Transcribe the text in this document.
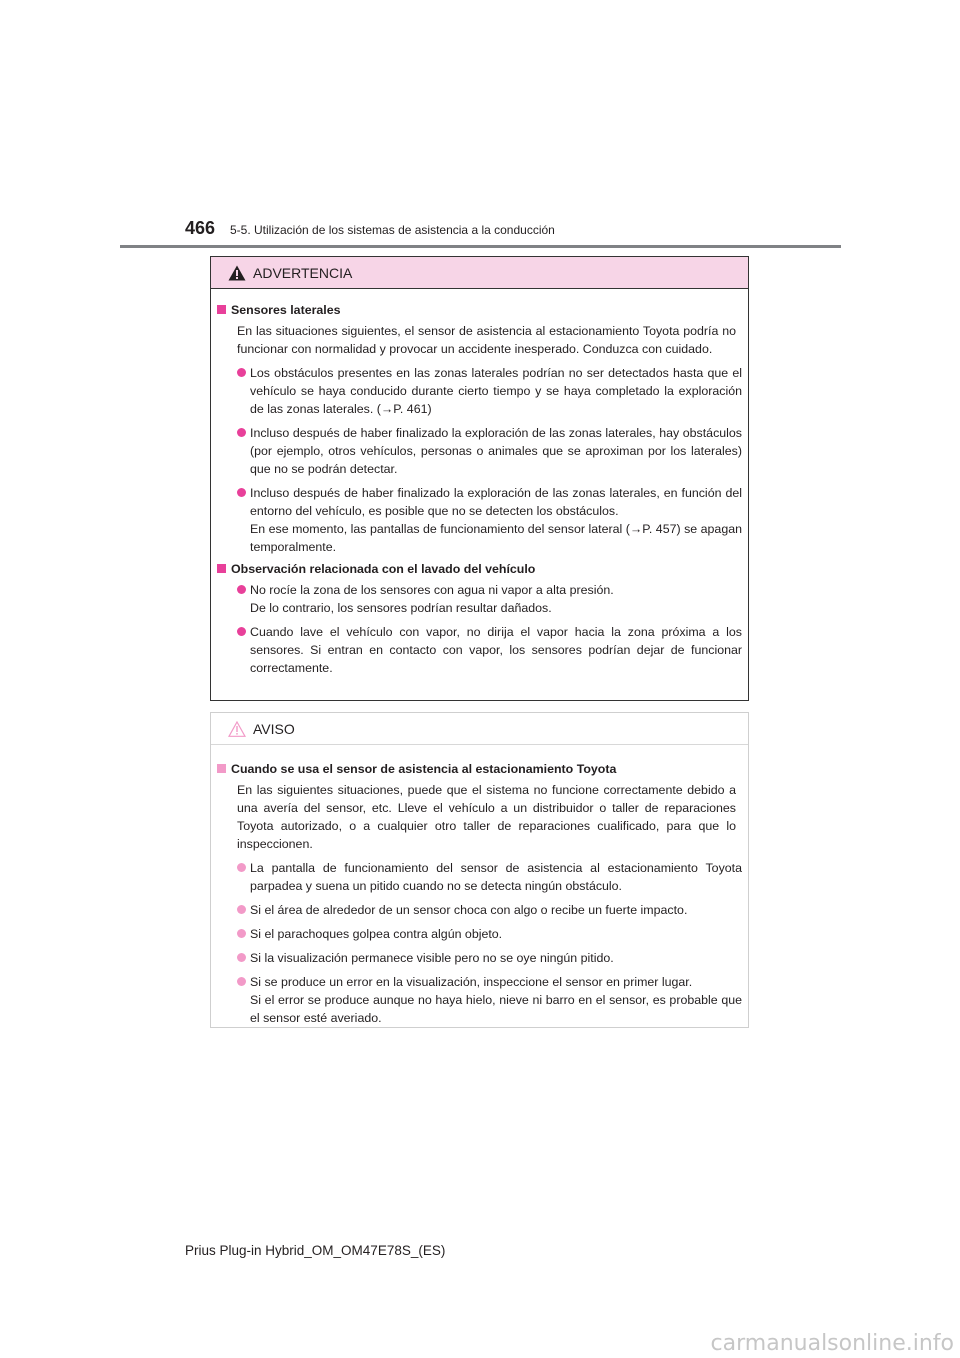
466 5-5. Utilización de los sistemas de asistencia a la conducción
ADVERTENCIA
Sensores laterales
En las situaciones siguientes, el sensor de asistencia al estacionamiento Toyota podría no funcionar con normalidad y provocar un accidente inesperado. Conduzca con cuidado.
Los obstáculos presentes en las zonas laterales podrían no ser detectados hasta que el vehículo se haya conducido durante cierto tiempo y se haya completado la exploración de las zonas laterales. (→P. 461)
Incluso después de haber finalizado la exploración de las zonas laterales, hay obstáculos (por ejemplo, otros vehículos, personas o animales que se aproximan por los laterales) que no se podrán detectar.
Incluso después de haber finalizado la exploración de las zonas laterales, en función del entorno del vehículo, es posible que no se detecten los obstáculos.
En ese momento, las pantallas de funcionamiento del sensor lateral (→P. 457) se apagan temporalmente.
Observación relacionada con el lavado del vehículo
No rocíe la zona de los sensores con agua ni vapor a alta presión.
De lo contrario, los sensores podrían resultar dañados.
Cuando lave el vehículo con vapor, no dirija el vapor hacia la zona próxima a los sensores. Si entran en contacto con vapor, los sensores podrían dejar de funcionar correctamente.
AVISO
Cuando se usa el sensor de asistencia al estacionamiento Toyota
En las siguientes situaciones, puede que el sistema no funcione correctamente debido a una avería del sensor, etc. Lleve el vehículo a un distribuidor o taller de reparaciones Toyota autorizado, o a cualquier otro taller de reparaciones cualificado, para que lo inspeccionen.
La pantalla de funcionamiento del sensor de asistencia al estacionamiento Toyota parpadea y suena un pitido cuando no se detecta ningún obstáculo.
Si el área de alrededor de un sensor choca con algo o recibe un fuerte impacto.
Si el parachoques golpea contra algún objeto.
Si la visualización permanece visible pero no se oye ningún pitido.
Si se produce un error en la visualización, inspeccione el sensor en primer lugar.
Si el error se produce aunque no haya hielo, nieve ni barro en el sensor, es probable que el sensor esté averiado.
Prius Plug-in Hybrid_OM_OM47E78S_(ES)
carmanualsonline.info
